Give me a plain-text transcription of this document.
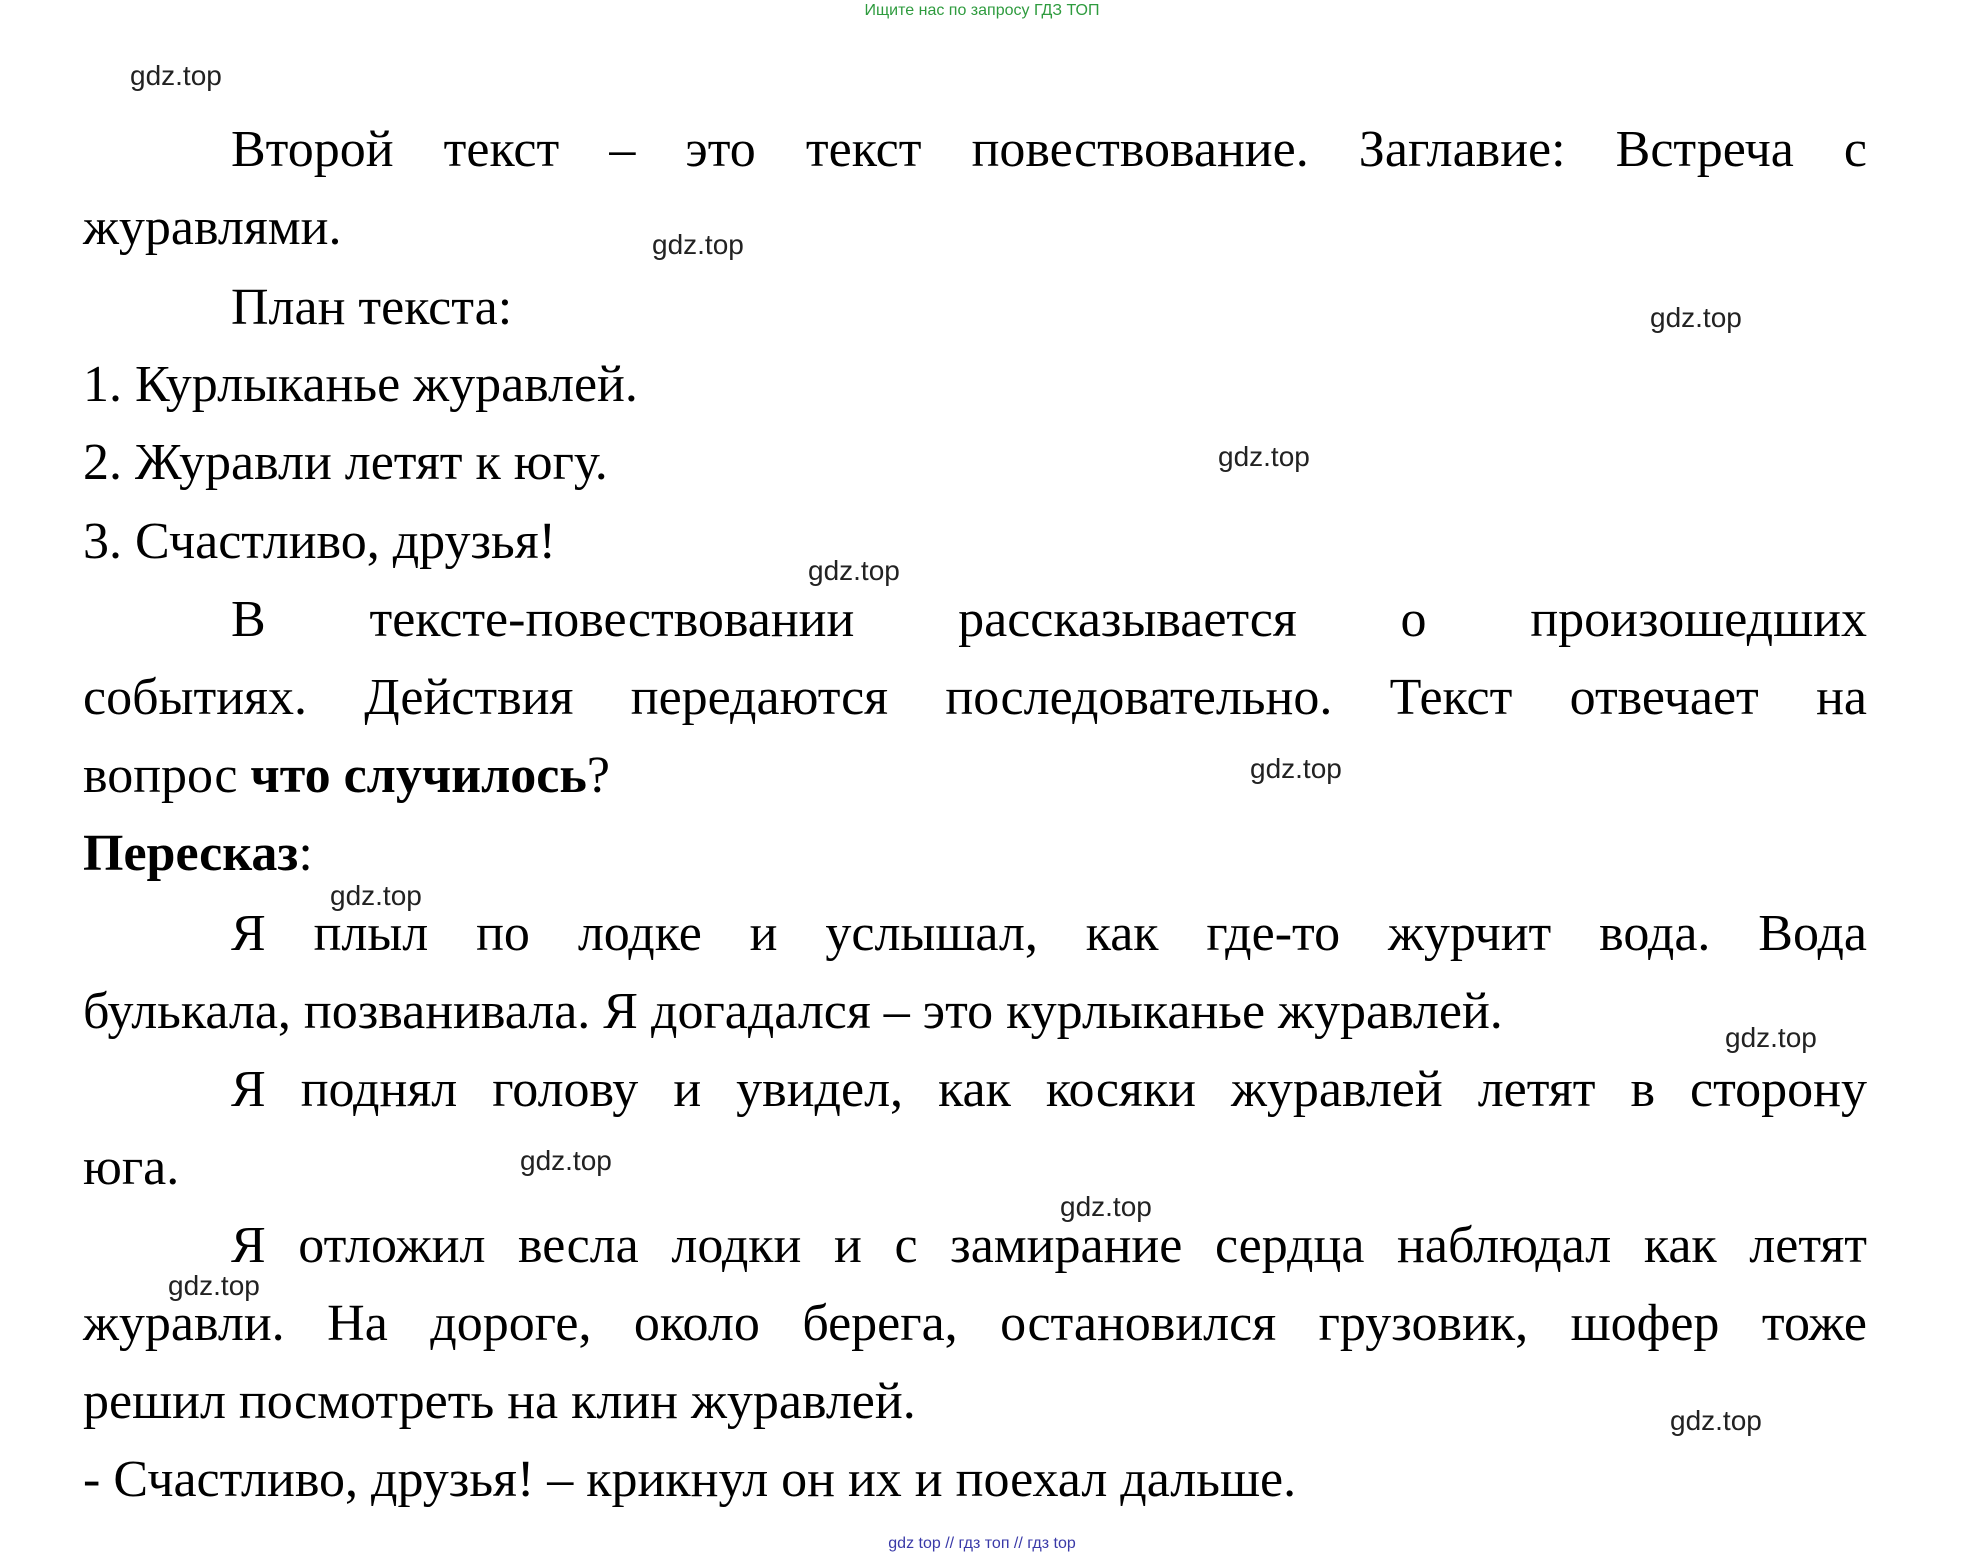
Ищите нас по запросу ГДЗ ТОП
gdz.top
gdz.top
gdz.top
gdz.top
gdz.top
gdz.top
gdz.top
gdz.top
gdz.top
gdz.top
gdz.top
gdz.top
Второй текст – это текст повествование. Заглавие: Встреча с
журавлями.
План текста:
1. Курлыканье журавлей.
2. Журавли летят к югу.
3. Счастливо, друзья!
В тексте-повествовании рассказывается о произошедших
событиях. Действия передаются последовательно. Текст отвечает на
вопрос что случилось?
Пересказ:
Я плыл по лодке и услышал, как где-то журчит вода. Вода
булькала, позванивала. Я догадался – это курлыканье журавлей.
Я поднял голову и увидел, как косяки журавлей летят в сторону
юга.
Я отложил весла лодки и с замирание сердца наблюдал как летят
журавли. На дороге, около берега, остановился грузовик, шофер тоже
решил посмотреть на клин журавлей.
- Счастливо, друзья! – крикнул он их и поехал дальше.
gdz top // гдз топ // гдз top
